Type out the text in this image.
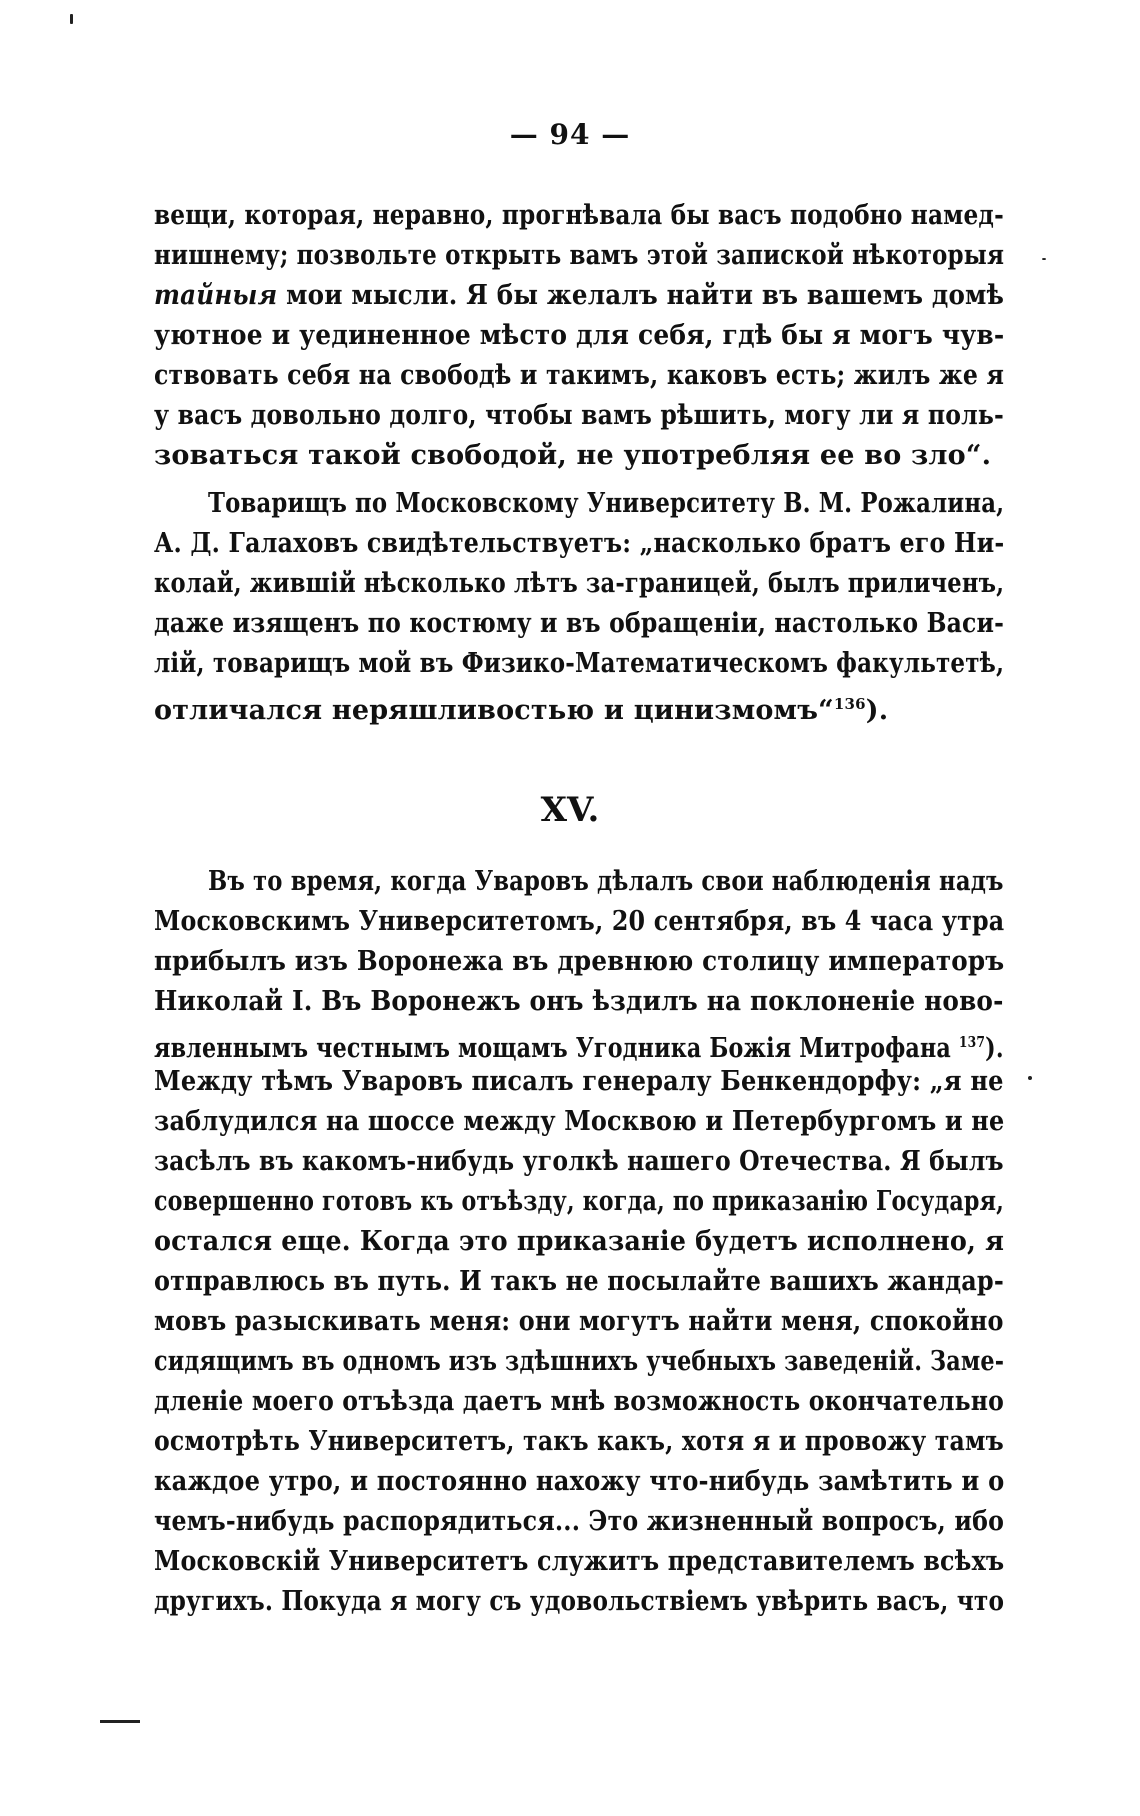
— 94 —
вещи, которая, неравно, прогнѣвала бы васъ подобно намед-
нишнему; позвольте открыть вамъ этой запиской нѣкоторыя
тайныя мои мысли. Я бы желалъ найти въ вашемъ домѣ
уютное и уединенное мѣсто для себя, гдѣ бы я могъ чув-
ствовать себя на свободѣ и такимъ, каковъ есть; жилъ же я
у васъ довольно долго, чтобы вамъ рѣшить, могу ли я поль-
зоваться такой свободой, не употребляя ее во зло“.
Товарищъ по Московскому Университету В. М. Рожалина,
А. Д. Галаховъ свидѣтельствуетъ: „насколько братъ его Ни-
колай, жившій нѣсколько лѣтъ за-границей, былъ приличенъ,
даже изященъ по костюму и въ обращеніи, настолько Васи-
лій, товарищъ мой въ Физико-Математическомъ факультетѣ,
отличался неряшливостью и цинизмомъ“$^{136}$).
XV.
Въ то время, когда Уваровъ дѣлалъ свои наблюденія надъ
Московскимъ Университетомъ, 20 сентября, въ 4 часа утра
прибылъ изъ Воронежа въ древнюю столицу императоръ
Николай I. Въ Воронежъ онъ ѣздилъ на поклоненіе ново-
явленнымъ честнымъ мощамъ Угодника Божія Митрофана $^{137}$).
Между тѣмъ Уваровъ писалъ генералу Бенкендорфу: „я не
заблудился на шоссе между Москвою и Петербургомъ и не
засѣлъ въ какомъ-нибудь уголкѣ нашего Отечества. Я былъ
совершенно готовъ къ отъѣзду, когда, по приказанію Государя,
остался еще. Когда это приказаніе будетъ исполнено, я
отправлюсь въ путь. И такъ не посылайте вашихъ жандар-
мовъ разыскивать меня: они могутъ найти меня, спокойно
сидящимъ въ одномъ изъ здѣшнихъ учебныхъ заведеній. Заме-
дленіе моего отъѣзда даетъ мнѣ возможность окончательно
осмотрѣть Университетъ, такъ какъ, хотя я и провожу тамъ
каждое утро, и постоянно нахожу что-нибудь замѣтить и о
чемъ-нибудь распорядиться... Это жизненный вопросъ, ибо
Московскій Университетъ служитъ представителемъ всѣхъ
другихъ. Покуда я могу съ удовольствіемъ увѣрить васъ, что
